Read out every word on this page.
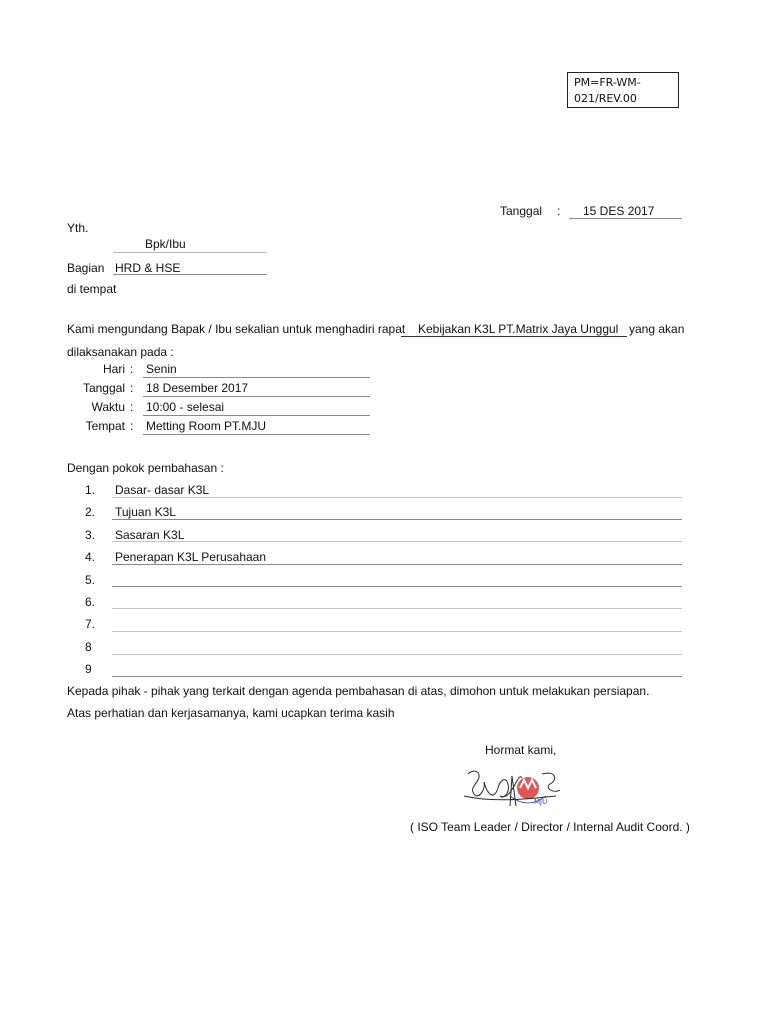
PM=FR-WM-
021/REV.00
Tanggal : 15 DES 2017
Yth.
Bpk/Ibu
Bagian HRD & HSE
di tempat
Kami mengundang Bapak / Ibu sekalian untuk menghadiri rapat Kebijakan K3L PT.Matrix Jaya Unggul yang akan
dilaksanakan pada :
Hari : Senin
Tanggal : 18 Desember 2017
Waktu : 10:00 - selesai
Tempat : Metting Room PT.MJU
Dengan pokok pembahasan :
1. Dasar- dasar K3L
2. Tujuan K3L
3. Sasaran K3L
4. Penerapan K3L Perusahaan
5.
6.
7.
8
9
Kepada pihak - pihak yang terkait dengan agenda pembahasan di atas, dimohon untuk melakukan persiapan.
Atas perhatian dan kerjasamanya, kami ucapkan terima kasih
Hormat kami,
MJU
( ISO Team Leader / Director / Internal Audit Coord. )
